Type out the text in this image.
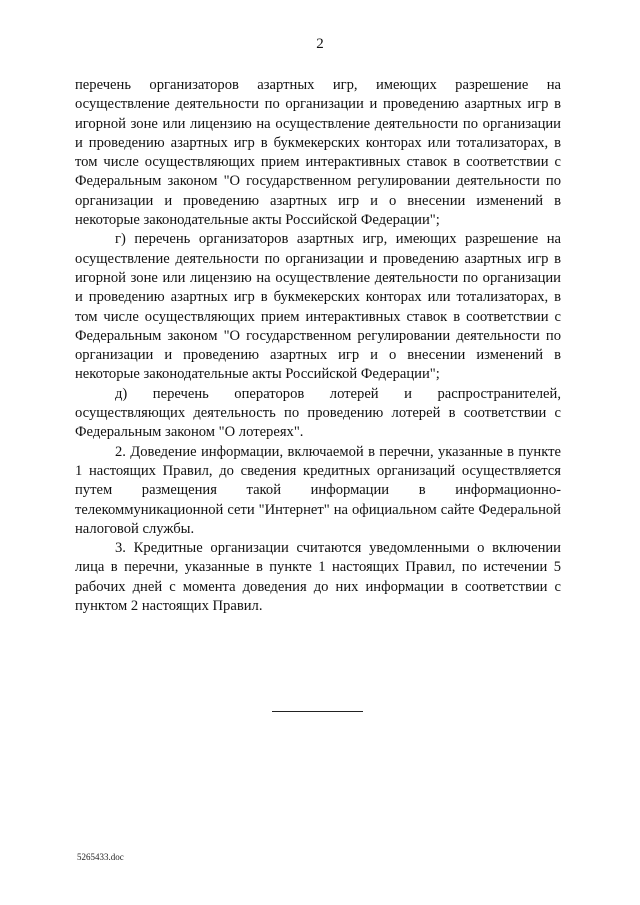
2

перечень организаторов азартных игр, имеющих разрешение на осуществление деятельности по организации и проведению азартных игр в игорной зоне или лицензию на осуществление деятельности по организации и проведению азартных игр в букмекерских конторах или тотализаторах, в том числе осуществляющих прием интерактивных ставок в соответствии с Федеральным законом "О государственном регулировании деятельности по организации и проведению азартных игр и о внесении изменений в некоторые законодательные акты Российской Федерации";

г) перечень организаторов азартных игр, имеющих разрешение на осуществление деятельности по организации и проведению азартных игр в игорной зоне или лицензию на осуществление деятельности по организации и проведению азартных игр в букмекерских конторах или тотализаторах, в том числе осуществляющих прием интерактивных ставок в соответствии с Федеральным законом "О государственном регулировании деятельности по организации и проведению азартных игр и о внесении изменений в некоторые законодательные акты Российской Федерации";

д) перечень операторов лотерей и распространителей, осуществляющих деятельность по проведению лотерей в соответствии с Федеральным законом "О лотереях".

2. Доведение информации, включаемой в перечни, указанные в пункте 1 настоящих Правил, до сведения кредитных организаций осуществляется путем размещения такой информации в информационно-телекоммуникационной сети "Интернет" на официальном сайте Федеральной налоговой службы.

3. Кредитные организации считаются уведомленными о включении лица в перечни, указанные в пункте 1 настоящих Правил, по истечении 5 рабочих дней с момента доведения до них информации в соответствии с пунктом 2 настоящих Правил.

5265433.doc
